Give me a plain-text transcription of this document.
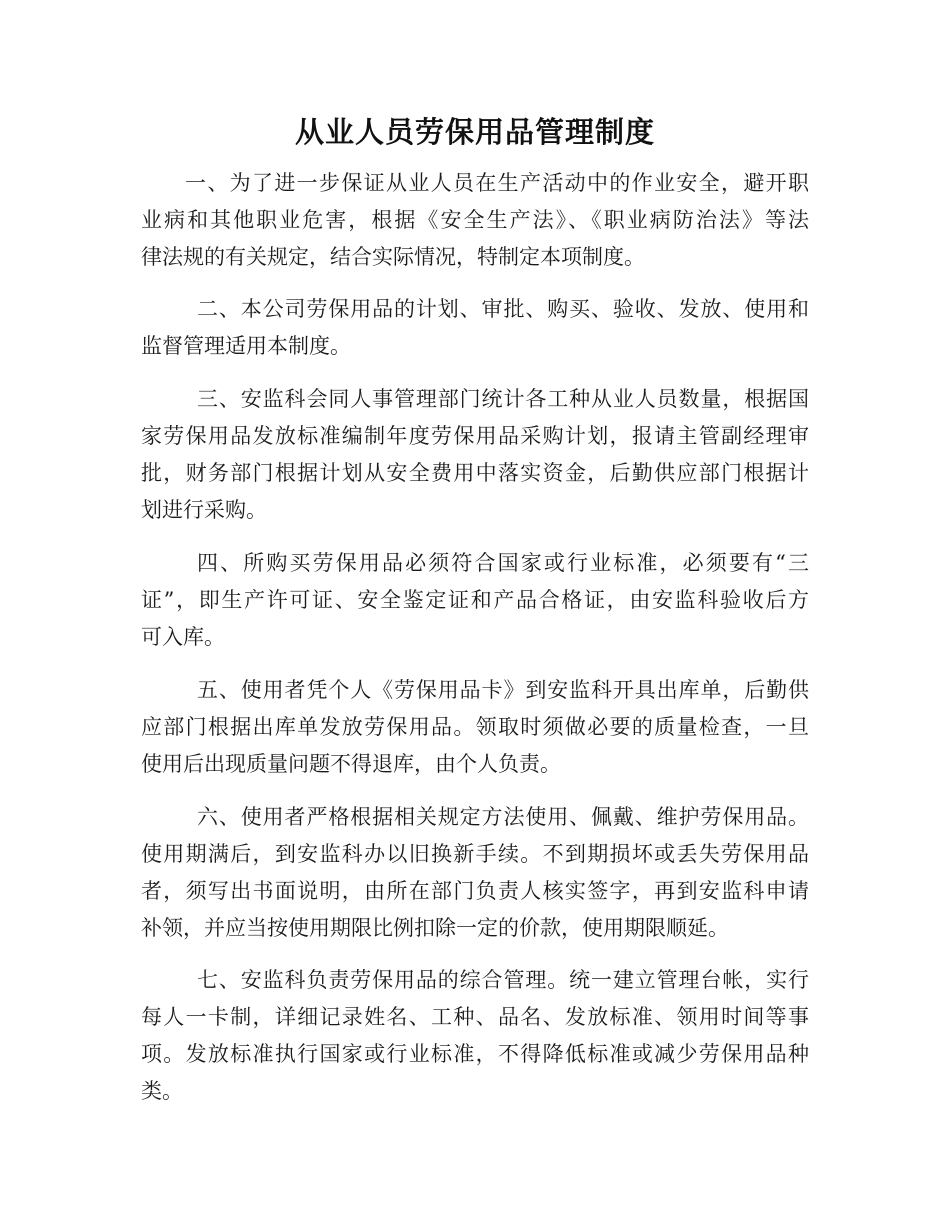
从业人员劳保用品管理制度
一、为了进一步保证从业人员在生产活动中的作业安全，避开职
业病和其他职业危害，根据《安全生产法》、《职业病防治法》等法
律法规的有关规定，结合实际情况，特制定本项制度。
二、本公司劳保用品的计划、审批、购买、验收、发放、使用和
监督管理适用本制度。
三、安监科会同人事管理部门统计各工种从业人员数量，根据国
家劳保用品发放标准编制年度劳保用品采购计划，报请主管副经理审
批，财务部门根据计划从安全费用中落实资金，后勤供应部门根据计
划进行采购。
四、所购买劳保用品必须符合国家或行业标准，必须要有“三
证”，即生产许可证、安全鉴定证和产品合格证，由安监科验收后方
可入库。
五、使用者凭个人《劳保用品卡》到安监科开具出库单，后勤供
应部门根据出库单发放劳保用品。领取时须做必要的质量检查，一旦
使用后出现质量问题不得退库，由个人负责。
六、使用者严格根据相关规定方法使用、佩戴、维护劳保用品。
使用期满后，到安监科办以旧换新手续。不到期损坏或丢失劳保用品
者，须写出书面说明，由所在部门负责人核实签字，再到安监科申请
补领，并应当按使用期限比例扣除一定的价款，使用期限顺延。
七、安监科负责劳保用品的综合管理。统一建立管理台帐，实行
每人一卡制，详细记录姓名、工种、品名、发放标准、领用时间等事
项。发放标准执行国家或行业标准，不得降低标准或减少劳保用品种
类。
